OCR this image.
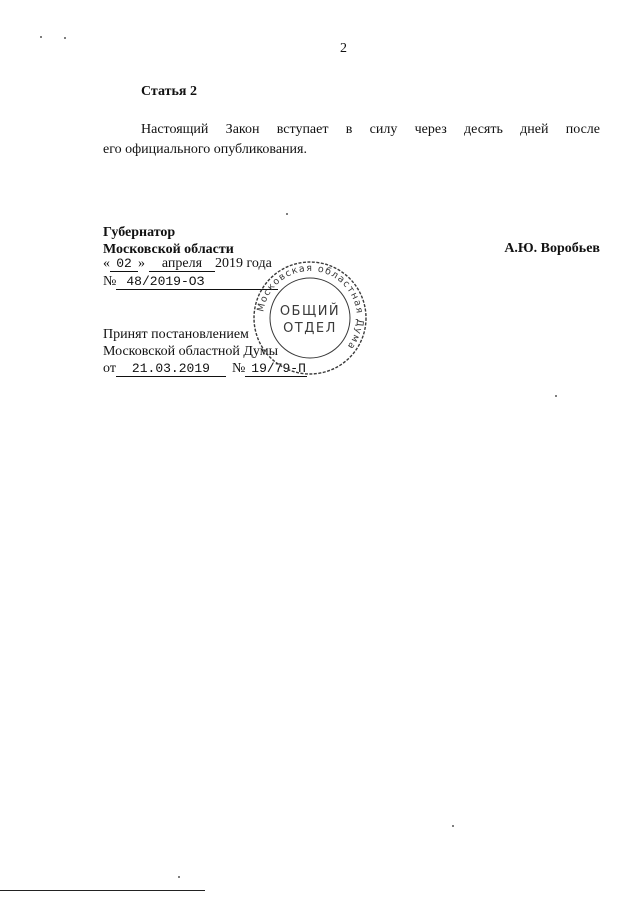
2
Статья 2
Настоящий Закон вступает в силу через десять дней после
его официального опубликования.
Губернатор
Московской области	А.Ю. Воробьев
« 02 » апреля 2019 года
№ 48/2019-ОЗ
Принят постановлением
Московской областной Думы
от 21.03.2019 № 19/79-П
Московская областная Дума
ОБЩИЙ
ОТДЕЛ
